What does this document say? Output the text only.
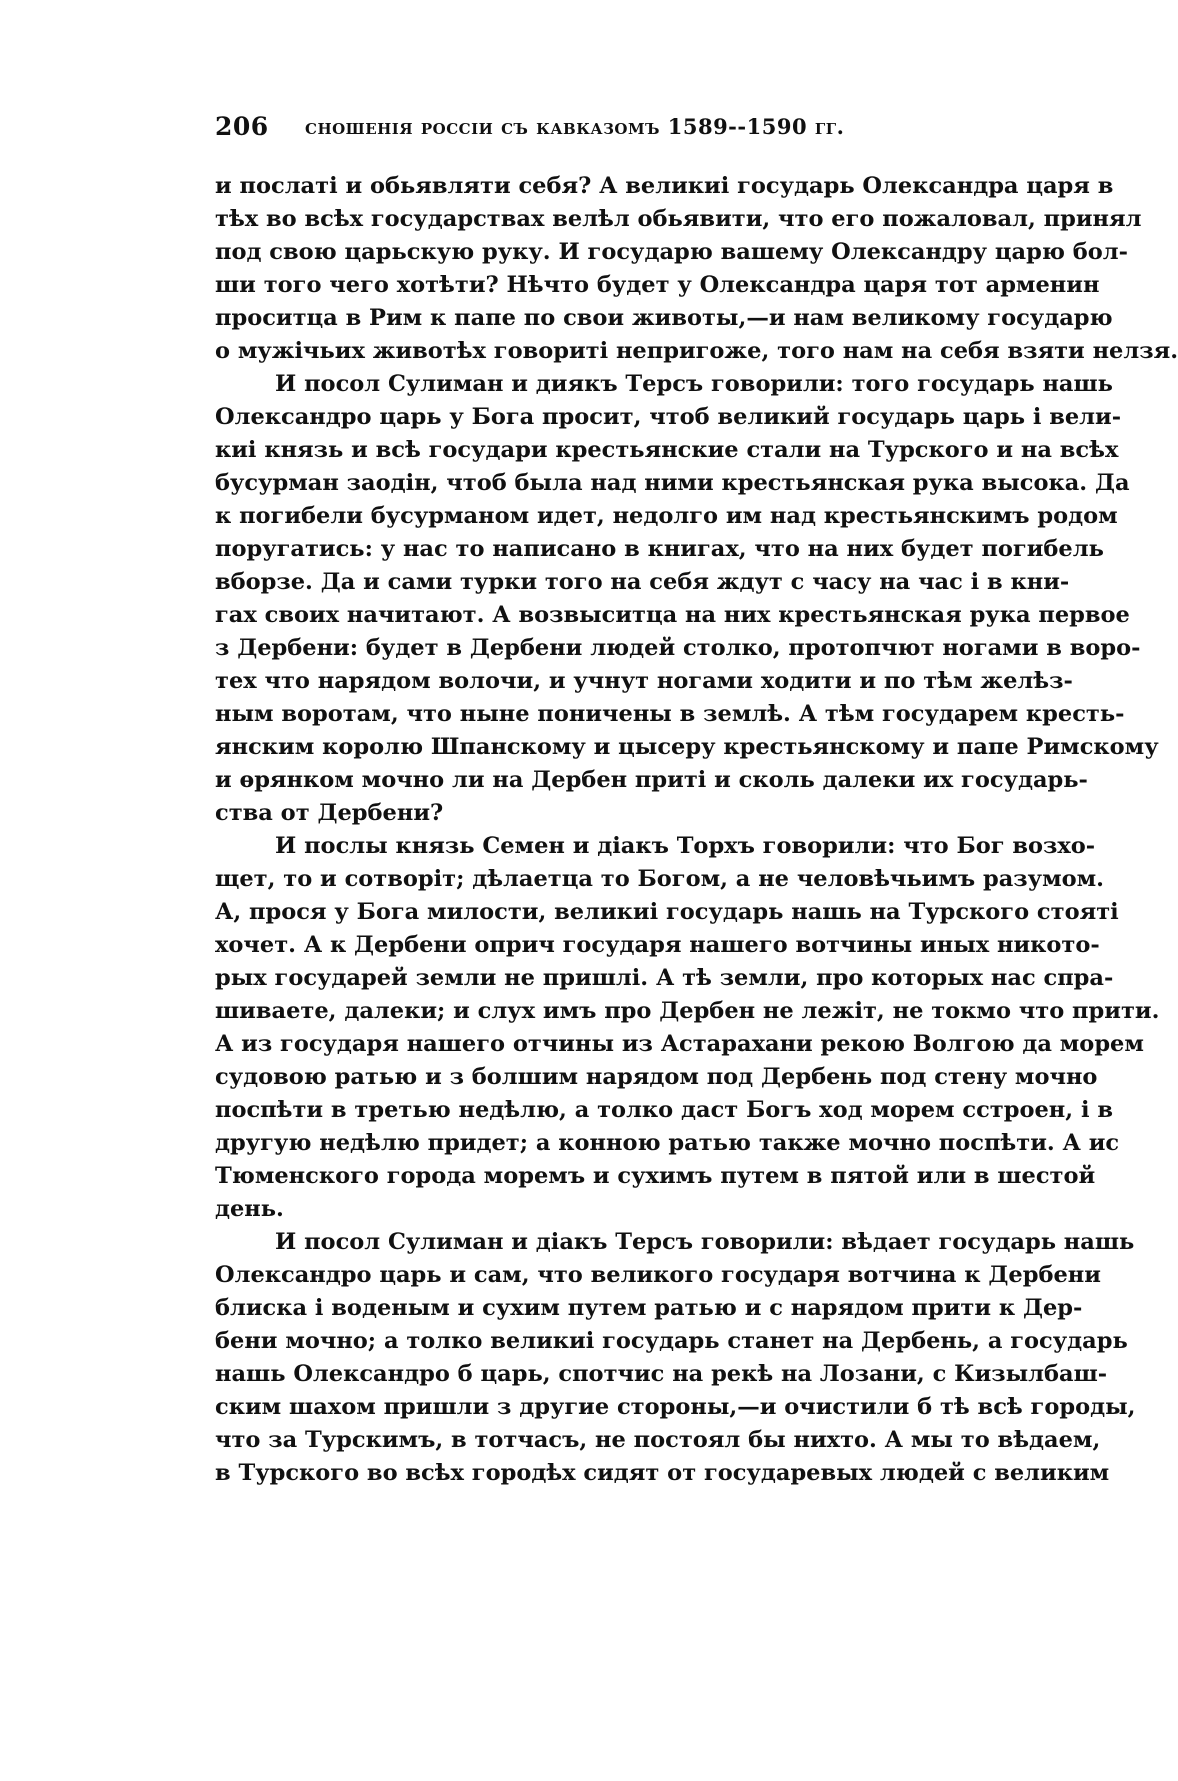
206 сношенія россіи съ кавказомъ 1589--1590 гг.
и послаті и обьявляти себя? А великиі государь Олександра царя в
тѣх во всѣх государствах велѣл обьявити, что его пожаловал, принял
под свою царьскую руку. И государю вашему Олександру царю бол-
ши того чего хотѣти? Нѣчто будет у Олександра царя тот арменин
проситца в Рим к папе по свои животы,—и нам великому государю
о мужічьих животѣх говориті непригоже, того нам на себя взяти нелзя.
И посол Сулиман и диякъ Терсъ говорили: того государь нашь
Олександро царь у Бога просит, чтоб великий государь царь і вели-
киі князь и всѣ государи крестьянские стали на Турского и на всѣх
бусурман заодін, чтоб была над ними крестьянская рука высока. Да
к погибели бусурманом идет, недолго им над крестьянскимъ родом
поругатись: у нас то написано в книгах, что на них будет погибель
вборзе. Да и сами турки того на себя ждут с часу на час і в кни-
гах своих начитают. А возвыситца на них крестьянская рука первое
з Дербени: будет в Дербени людей столко, протопчют ногами в воро-
тех что нарядом волочи, и учнут ногами ходити и по тѣм желѣз-
ным воротам, что ныне поничены в землѣ. А тѣм государем кресть-
янским королю Шпанскому и цысеру крестьянскому и папе Римскому
и ѳрянком мочно ли на Дербен приті и сколь далеки их государь-
ства от Дербени?
И послы князь Семен и діакъ Торхъ говорили: что Бог возхо-
щет, то и сотворіт; дѣлаетца то Богом, а не человѣчьимъ разумом.
А, прося у Бога милости, великиі государь нашь на Турского стояті
хочет. А к Дербени оприч государя нашего вотчины иных никото-
рых государей земли не пришлі. А тѣ земли, про которых нас спра-
шиваете, далеки; и слух имъ про Дербен не лежіт, не токмо что прити.
А из государя нашего отчины из Астарахани рекою Волгою да морем
судовою ратью и з болшим нарядом под Дербень под стену мочно
поспѣти в третью недѣлю, а толко даст Богъ ход морем сстроен, і в
другую недѣлю придет; а конною ратью также мочно поспѣти. А ис
Тюменского города моремъ и сухимъ путем в пятой или в шестой
день.
И посол Сулиман и діакъ Терсъ говорили: вѣдает государь нашь
Олександро царь и сам, что великого государя вотчина к Дербени
блиска і воденым и сухим путем ратью и с нарядом прити к Дер-
бени мочно; а толко великиі государь станет на Дербень, а государь
нашь Олександро б царь, спотчис на рекѣ на Лозани, с Кизылбаш-
ским шахом пришли з другие стороны,—и очистили б тѣ всѣ городы,
что за Турскимъ, в тотчасъ, не постоял бы нихто. А мы то вѣдаем,
в Турского во всѣх городѣх сидят от государевых людей с великим
